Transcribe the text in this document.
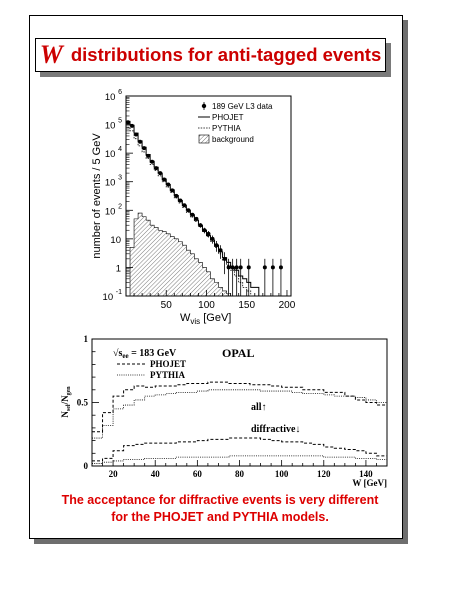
W distributions for anti-tagged events
50	100 150 200
10 $^{-1}$
1
10
10 $^2$
10 $^3$
10 $^4$
10 $^5$
10 $^6$
$W_{vis}$ [GeV]
number of events / 5 GeV
189 GeV L3 data
PHOJET
PYTHIA
background
20	40	60	80	100	120	140
0
0.5
1
W [GeV]
$N_{sel}/N_{gen}$
$√s_{ee} = 183$ GeV	OPAL
PHOJET
PYTHIA
all↑
diffractive↓
The acceptance for diffractive events is very different
for the PHOJET and PYTHIA models.
